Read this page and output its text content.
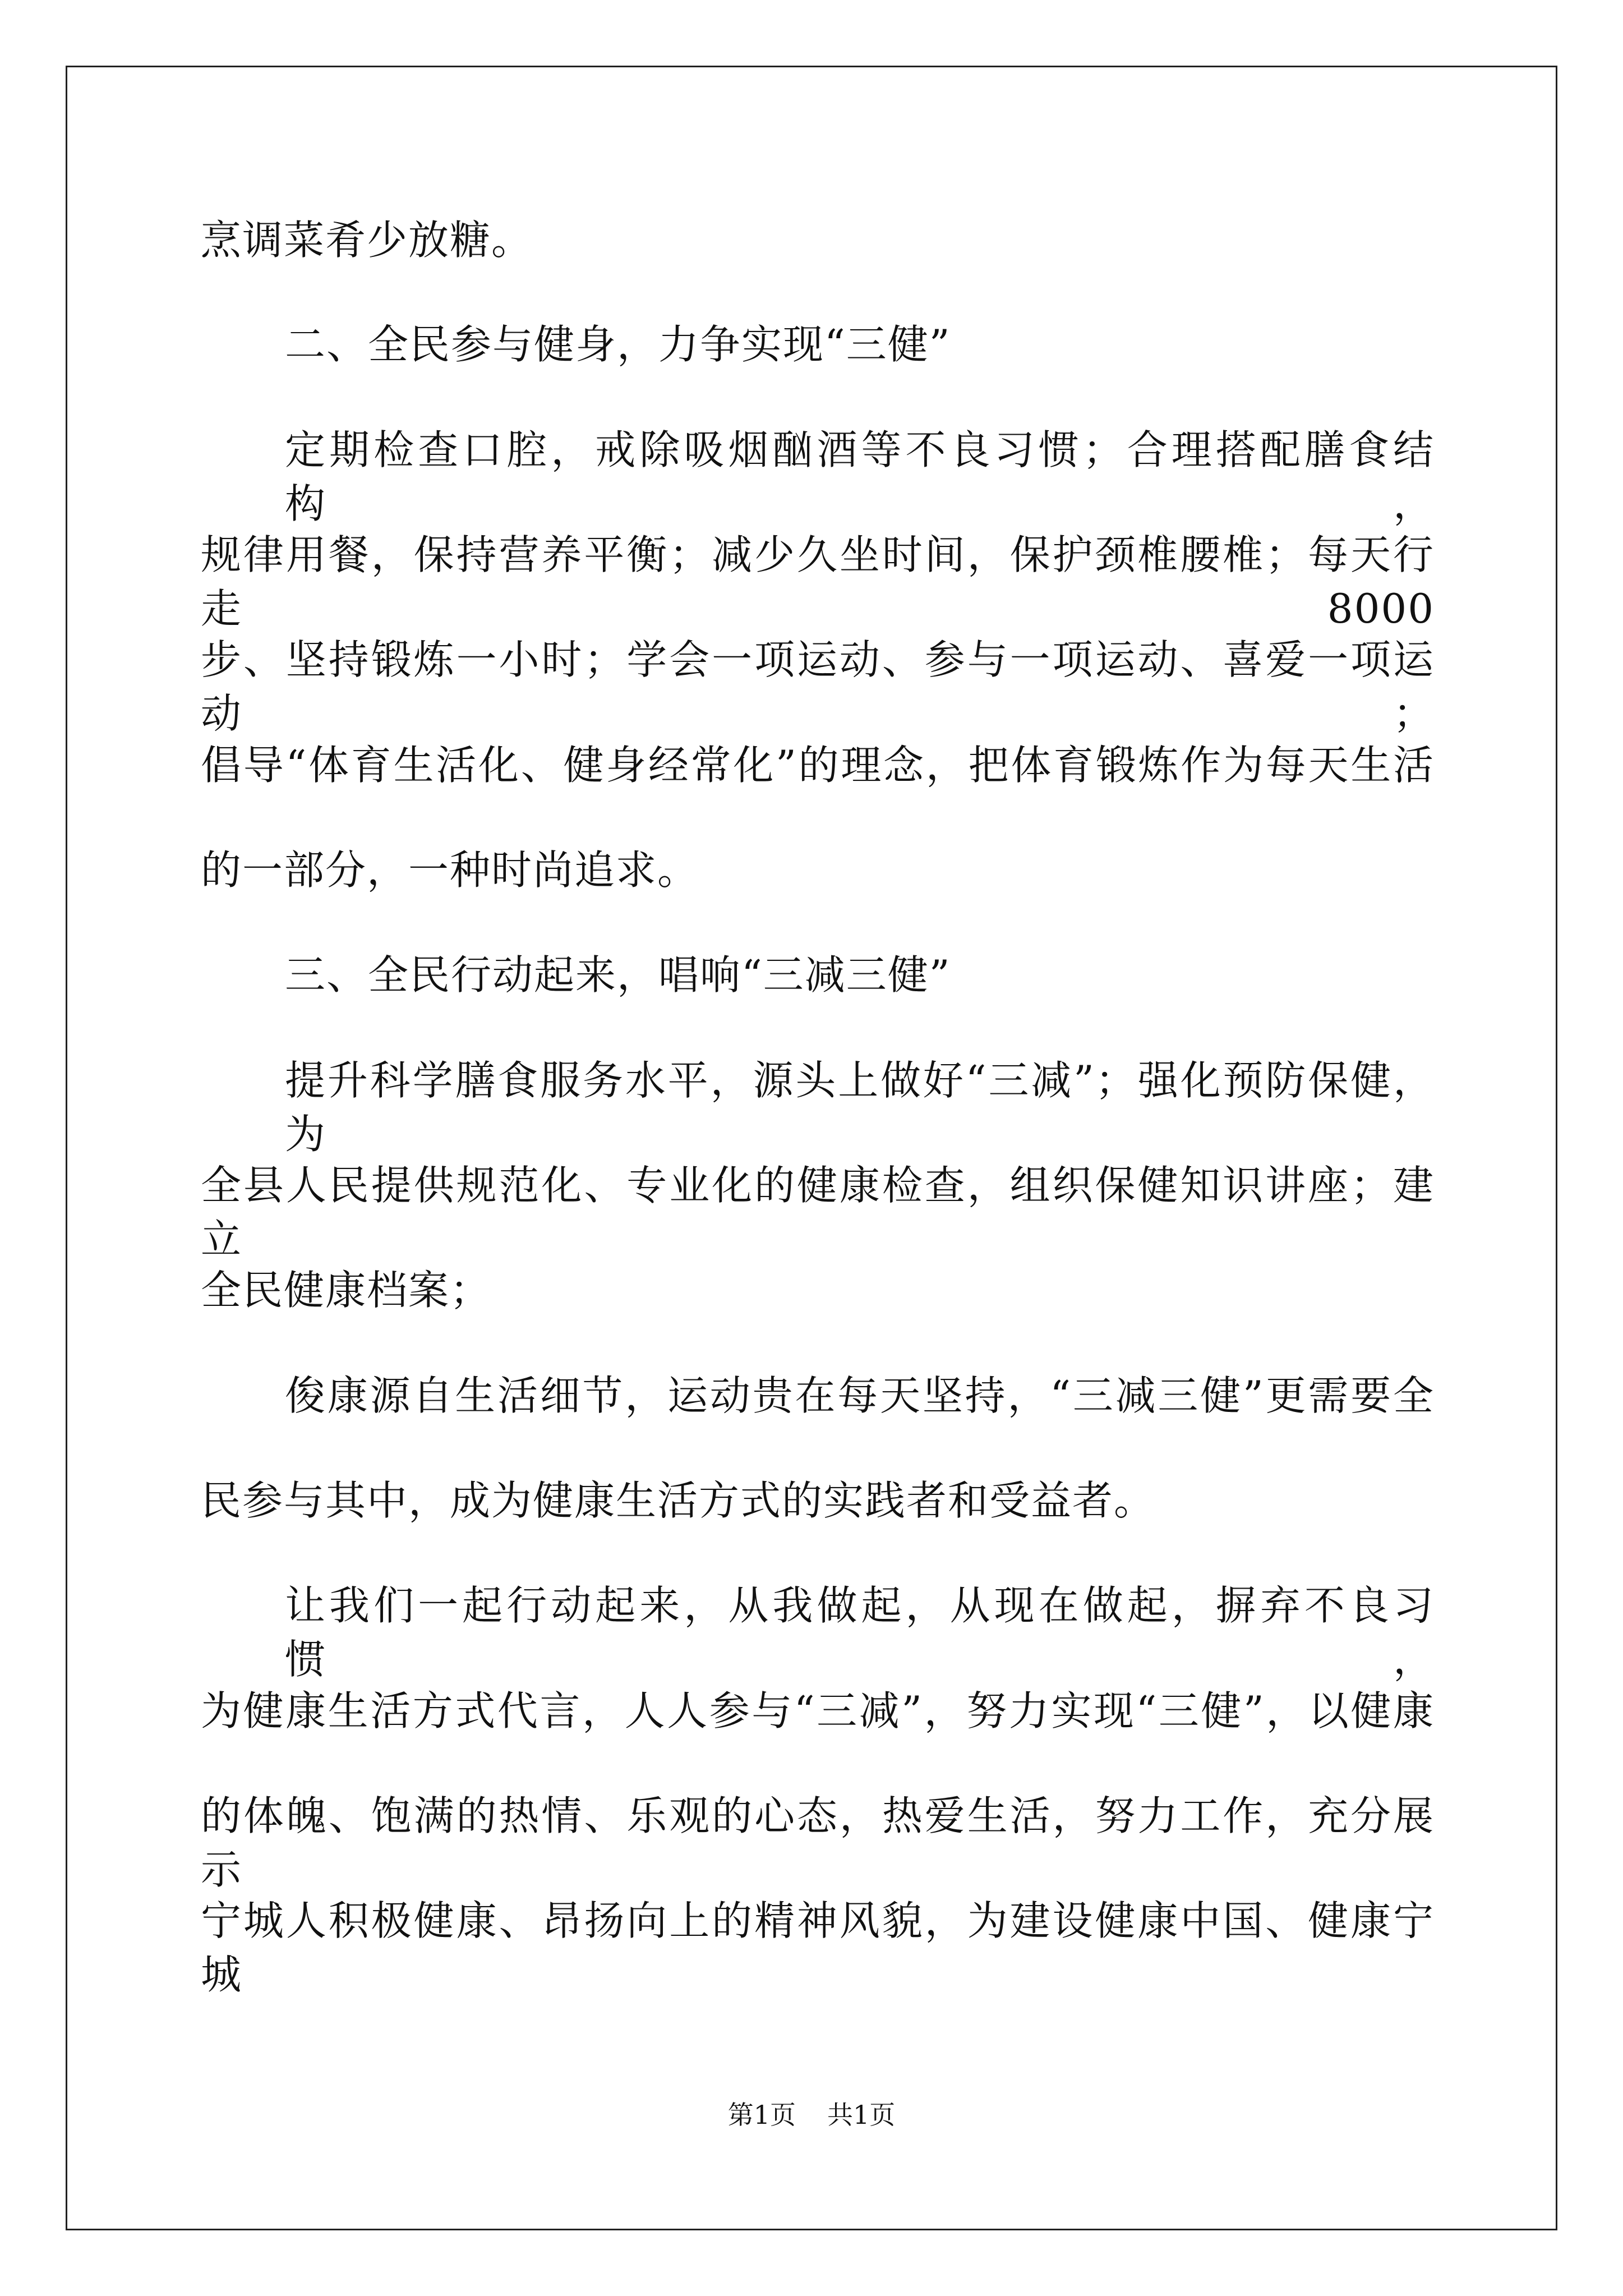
烹调菜肴少放糖。
二、全民参与健身，力争实现“三健”
定期检查口腔，戒除吸烟酗酒等不良习惯；合理搭配膳食结构，
规律用餐，保持营养平衡；减少久坐时间，保护颈椎腰椎；每天行走 8000
步、坚持锻炼一小时；学会一项运动、参与一项运动、喜爱一项运动；
倡导“体育生活化、健身经常化”的理念，把体育锻炼作为每天生活
的一部分，一种时尚追求。
三、全民行动起来，唱响“三减三健”
提升科学膳食服务水平，源头上做好“三减”；强化预防保健，为
全县人民提供规范化、专业化的健康检查，组织保健知识讲座；建立
全民健康档案；
俊康源自生活细节，运动贵在每天坚持，“三减三健”更需要全
民参与其中，成为健康生活方式的实践者和受益者。
让我们一起行动起来，从我做起，从现在做起，摒弃不良习惯，
为健康生活方式代言，人人参与“三减”，努力实现“三健”，以健康
的体魄、饱满的热情、乐观的心态，热爱生活，努力工作，充分展示
宁城人积极健康、昂扬向上的精神风貌，为建设健康中国、健康宁城
第1页 共1页
